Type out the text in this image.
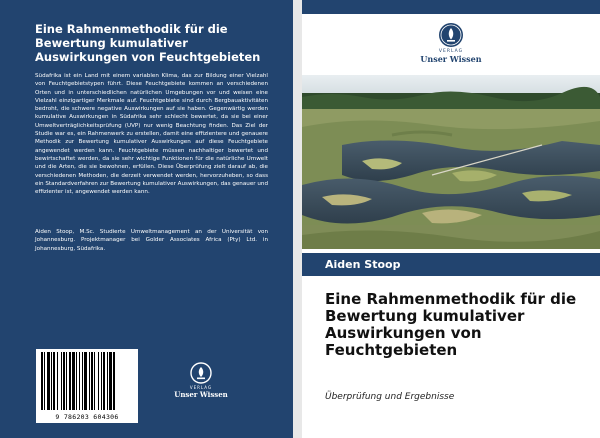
Eine Rahmenmethodik für die Bewertung kumulativer Auswirkungen von Feuchtgebieten

Südafrika ist ein Land mit einem variablen Klima, das zur Bildung einer Vielzahl von Feuchtgebietstypen führt. Diese Feuchtgebiete kommen an verschiedenen Orten und in unterschiedlichen natürlichen Umgebungen vor und weisen eine Vielzahl einzigartiger Merkmale auf. Feuchtgebiete sind durch Bergbauaktivitäten bedroht, die schwere negative Auswirkungen auf sie haben. Gegenwärtig werden kumulative Auswirkungen in Südafrika sehr schlecht bewertet, da sie bei einer Umweltverträglichkeitsprüfung (UVP) nur wenig Beachtung finden. Das Ziel der Studie war es, ein Rahmenwerk zu erstellen, damit eine effizientere und genauere Methodik zur Bewertung kumulativer Auswirkungen auf diese Feuchtgebiete angewendet werden kann. Feuchtgebiete müssen nachhaltiger bewertet und bewirtschaftet werden, da sie sehr wichtige Funktionen für die natürliche Umwelt und die Arten, die sie bewohnen, erfüllen. Diese Überprüfung zielt darauf ab, die verschiedenen Methoden, die derzeit verwendet werden, hervorzuheben, so dass ein Standardverfahren zur Bewertung kumulativer Auswirkungen, das genauer und effizienter ist, angewendet werden kann.

Aiden Stoop, M.Sc. Studierte Umweltmanagement an der Universität von Johannesburg. Projektmanager bei Golder Associates Africa (Pty) Ltd. in Johannesburg, Südafrika.

9 786203 604306
VERLAG
Unser Wissen
VERLAG
Unser Wissen
Aiden Stoop
Eine Rahmenmethodik für die Bewertung kumulativer Auswirkungen von Feuchtgebieten
Überprüfung und Ergebnisse
